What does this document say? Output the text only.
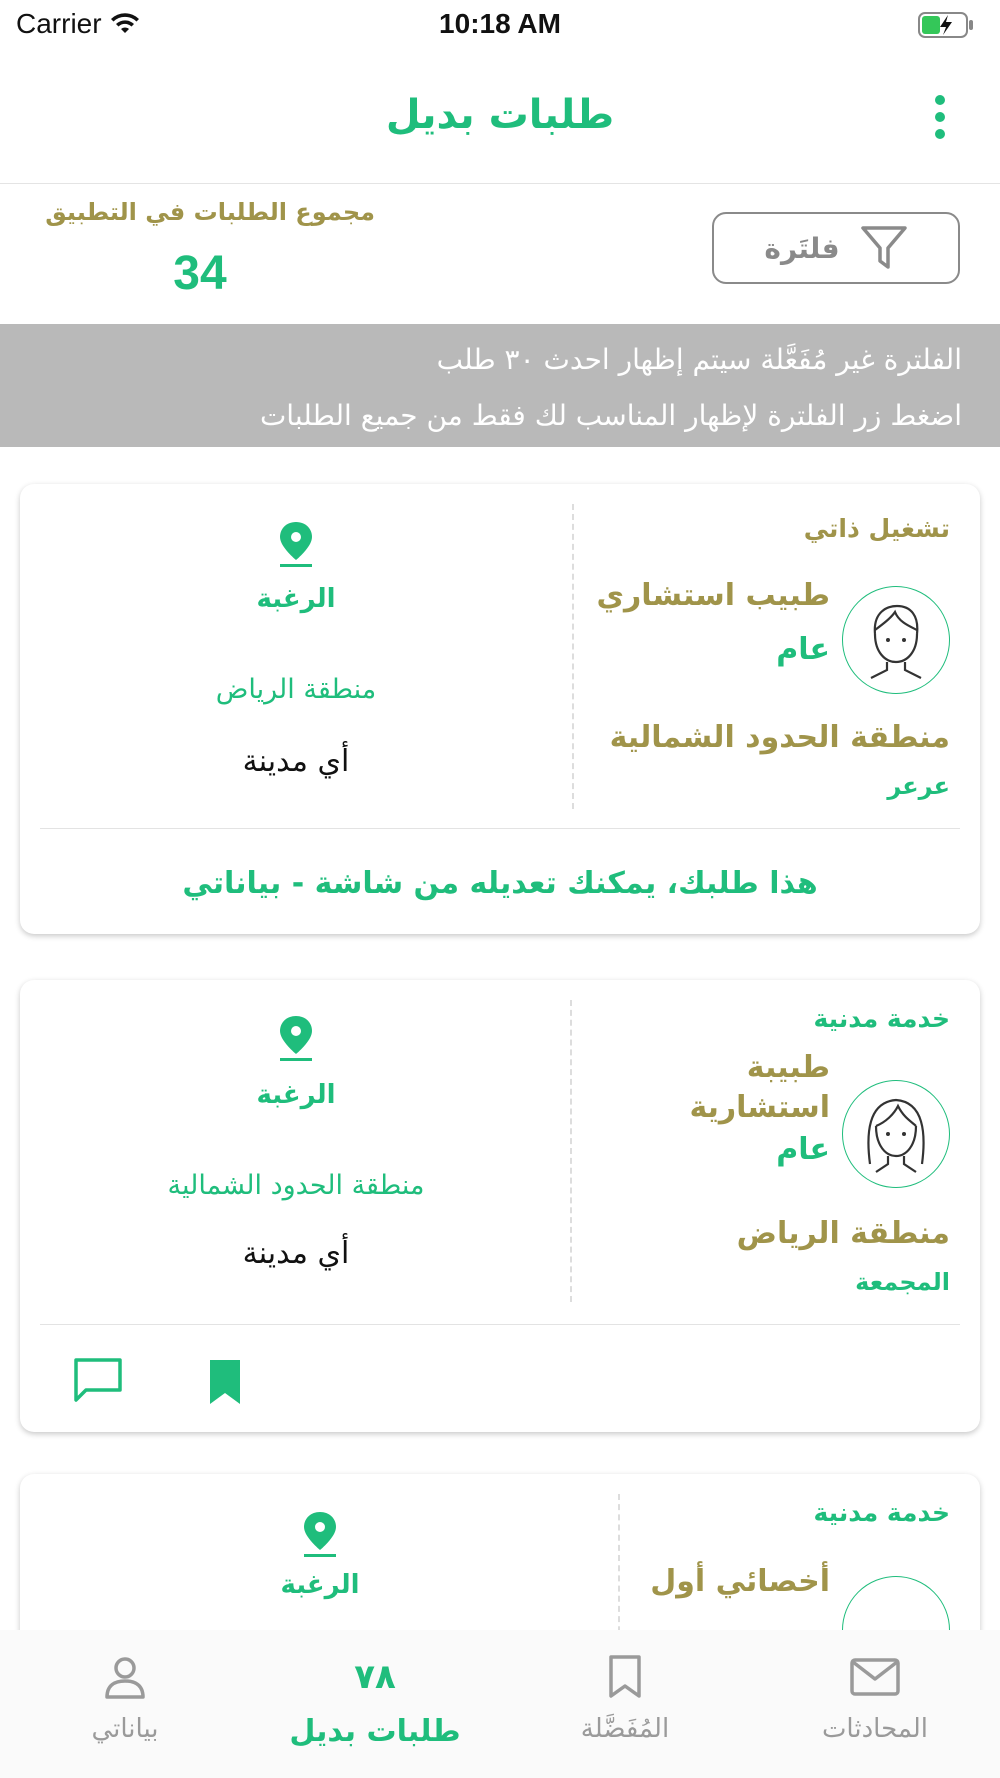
Carrier	10:18 AM
طلبات بديل
مجموع الطلبات في التطبيق
34	فلتَرة
الفلترة غير مُفَعَّلة سيتم إظهار احدث ٣٠ طلب
اضغط زر الفلترة لإظهار المناسب لك فقط من جميع الطلبات
تشغيل ذاتي
طبيب استشاري
عام
منطقة الحدود الشمالية
عرعر
الرغبة
منطقة الرياض
أي مدينة
هذا طلبك، يمكنك تعديله من شاشة - بياناتي
خدمة مدنية
طبيبة
استشارية
عام
منطقة الرياض
المجمعة
الرغبة
منطقة الحدود الشمالية
أي مدينة
خدمة مدنية
أخصائي أول
الرغبة
بياناتي
٧٨
طلبات بديل	المُفَضَّلة	المحادثات
